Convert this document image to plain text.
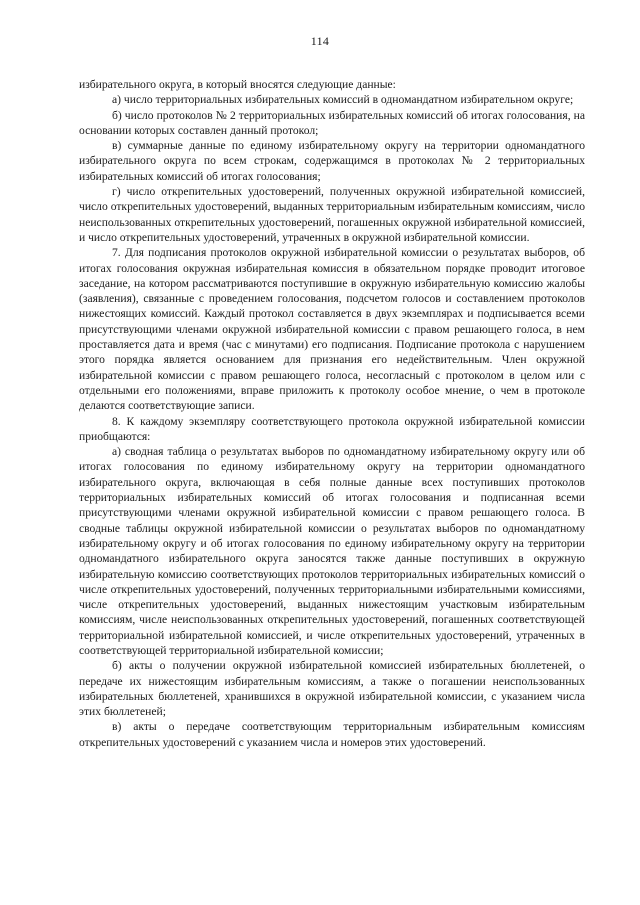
114

избирательного округа, в который вносятся следующие данные:

а) число территориальных избирательных комиссий в одномандатном избирательном округе;

б) число протоколов № 2 территориальных избирательных комиссий об итогах голосования, на основании которых составлен данный протокол;

в) суммарные данные по единому избирательному округу на территории одномандатного избирательного округа по всем строкам, содержащимся в протоколах № 2 территориальных избирательных комиссий об итогах голосования;

г) число открепительных удостоверений, полученных окружной избирательной комиссией, число открепительных удостоверений, выданных территориальным избирательным комиссиям, число неиспользованных открепительных удостоверений, погашенных окружной избирательной комиссией, и число открепительных удостоверений, утраченных в окружной избирательной комиссии.

7. Для подписания протоколов окружной избирательной комиссии о результатах выборов, об итогах голосования окружная избирательная комиссия в обязательном порядке проводит итоговое заседание, на котором рассматриваются поступившие в окружную избирательную комиссию жалобы (заявления), связанные с проведением голосования, подсчетом голосов и составлением протоколов нижестоящих комиссий. Каждый протокол составляется в двух экземплярах и подписывается всеми присутствующими членами окружной избирательной комиссии с правом решающего голоса, в нем проставляется дата и время (час с минутами) его подписания. Подписание протокола с нарушением этого порядка является основанием для признания его недействительным. Член окружной избирательной комиссии с правом решающего голоса, несогласный с протоколом в целом или с отдельными его положениями, вправе приложить к протоколу особое мнение, о чем в протоколе делаются соответствующие записи.

8. К каждому экземпляру соответствующего протокола окружной избирательной комиссии приобщаются:

а) сводная таблица о результатах выборов по одномандатному избирательному округу или об итогах голосования по единому избирательному округу на территории одномандатного избирательного округа, включающая в себя полные данные всех поступивших протоколов территориальных избирательных комиссий об итогах голосования и подписанная всеми присутствующими членами окружной избирательной комиссии с правом решающего голоса. В сводные таблицы окружной избирательной комиссии о результатах выборов по одномандатному избирательному округу и об итогах голосования по единому избирательному округу на территории одномандатного избирательного округа заносятся также данные поступивших в окружную избирательную комиссию соответствующих протоколов территориальных избирательных комиссий о числе открепительных удостоверений, полученных территориальными избирательными комиссиями, числе открепительных удостоверений, выданных нижестоящим участковым избирательным комиссиям, числе неиспользованных открепительных удостоверений, погашенных соответствующей территориальной избирательной комиссией, и числе открепительных удостоверений, утраченных в соответствующей территориальной избирательной комиссии;

б) акты о получении окружной избирательной комиссией избирательных бюллетеней, о передаче их нижестоящим избирательным комиссиям, а также о погашении неиспользованных избирательных бюллетеней, хранившихся в окружной избирательной комиссии, с указанием числа этих бюллетеней;

в) акты о передаче соответствующим территориальным избирательным комиссиям открепительных удостоверений с указанием числа и номеров этих удостоверений.
